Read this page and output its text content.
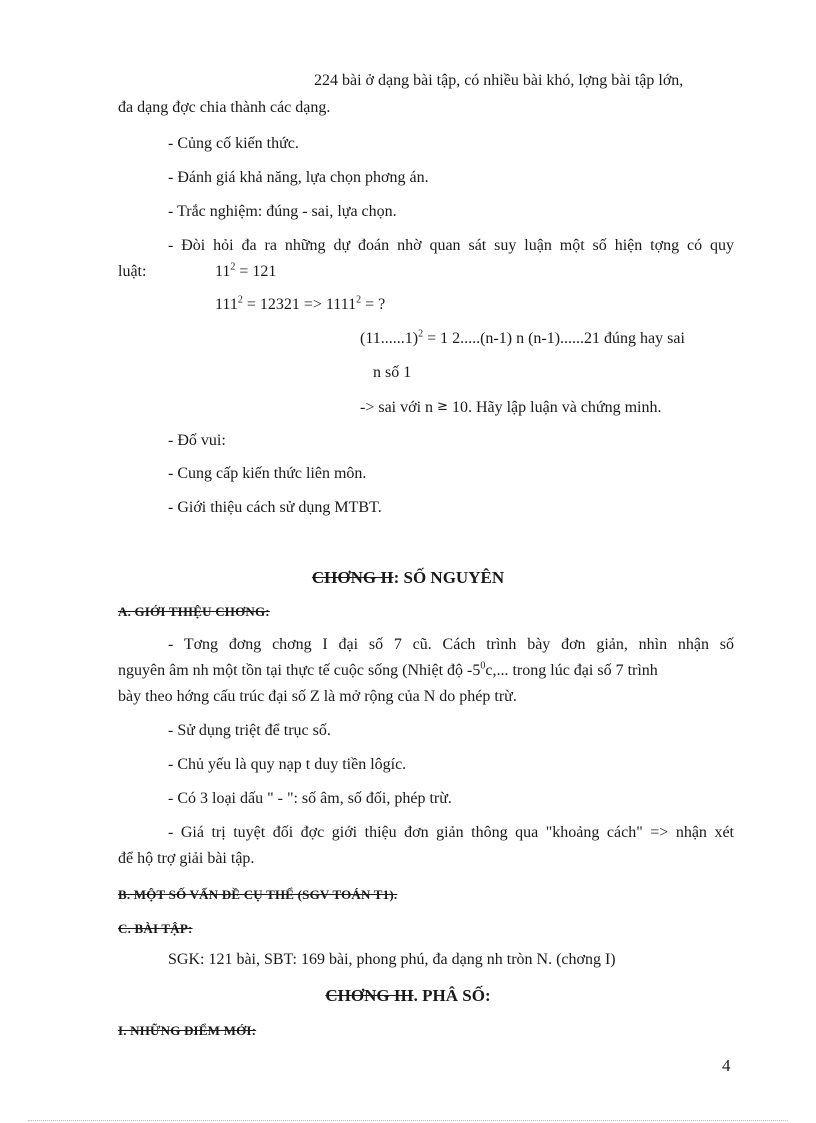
224 bài ở dạng bài tập, có nhiều bài khó, lợng bài tập lớn,
đa dạng đợc chia thành các dạng.
- Củng cố kiến thức.
- Đánh giá khả năng, lựa chọn phơng án.
- Trắc nghiệm: đúng - sai, lựa chọn.
- Đòi hỏi đa ra những dự đoán nhờ quan sát suy luận một số hiện tợng có quy
luật:	$11^2 = 121$
$111^2 = 12321 => 1111^2$ = ?
$(11......1)^2 = 1$ 2.....(n-1) n (n-1)......21 đúng hay sai
n số 1
-> sai với n ≥ 10. Hãy lập luận và chứng minh.
- Đố vui:
- Cung cấp kiến thức liên môn.
- Giới thiệu cách sử dụng MTBT.
CHƠNG II: SỐ NGUYÊN
A. GIỚI THIỆU CHƠNG:
- Tơng đơng chơng I đại số 7 cũ. Cách trình bày đơn giản, nhìn nhận số
nguyên âm nh một tồn tại thực tế cuộc sống (Nhiệt độ $-5^0c$,... trong lúc đại số 7 trình
bày theo hớng cấu trúc đại số Z là mở rộng của N do phép trừ.
- Sử dụng triệt để trục số.
- Chủ yếu là quy nạp t duy tiền lôgíc.
- Có 3 loại dấu " - ": số âm, số đối, phép trừ.
- Giá trị tuyệt đối đợc giới thiệu đơn giản thông qua "khoảng cách" => nhận xét
để hộ trợ giải bài tập.
B. MỘT SỐ VẤN ĐỀ CỤ THỂ (SGV TOÁN T1).
C. BÀI TẬP:
SGK: 121 bài, SBT: 169 bài, phong phú, đa dạng nh tròn N. (chơng I)
CHƠNG III. PHÂ SỐ:
I. NHỮNG ĐIỂM MỚI:
4
